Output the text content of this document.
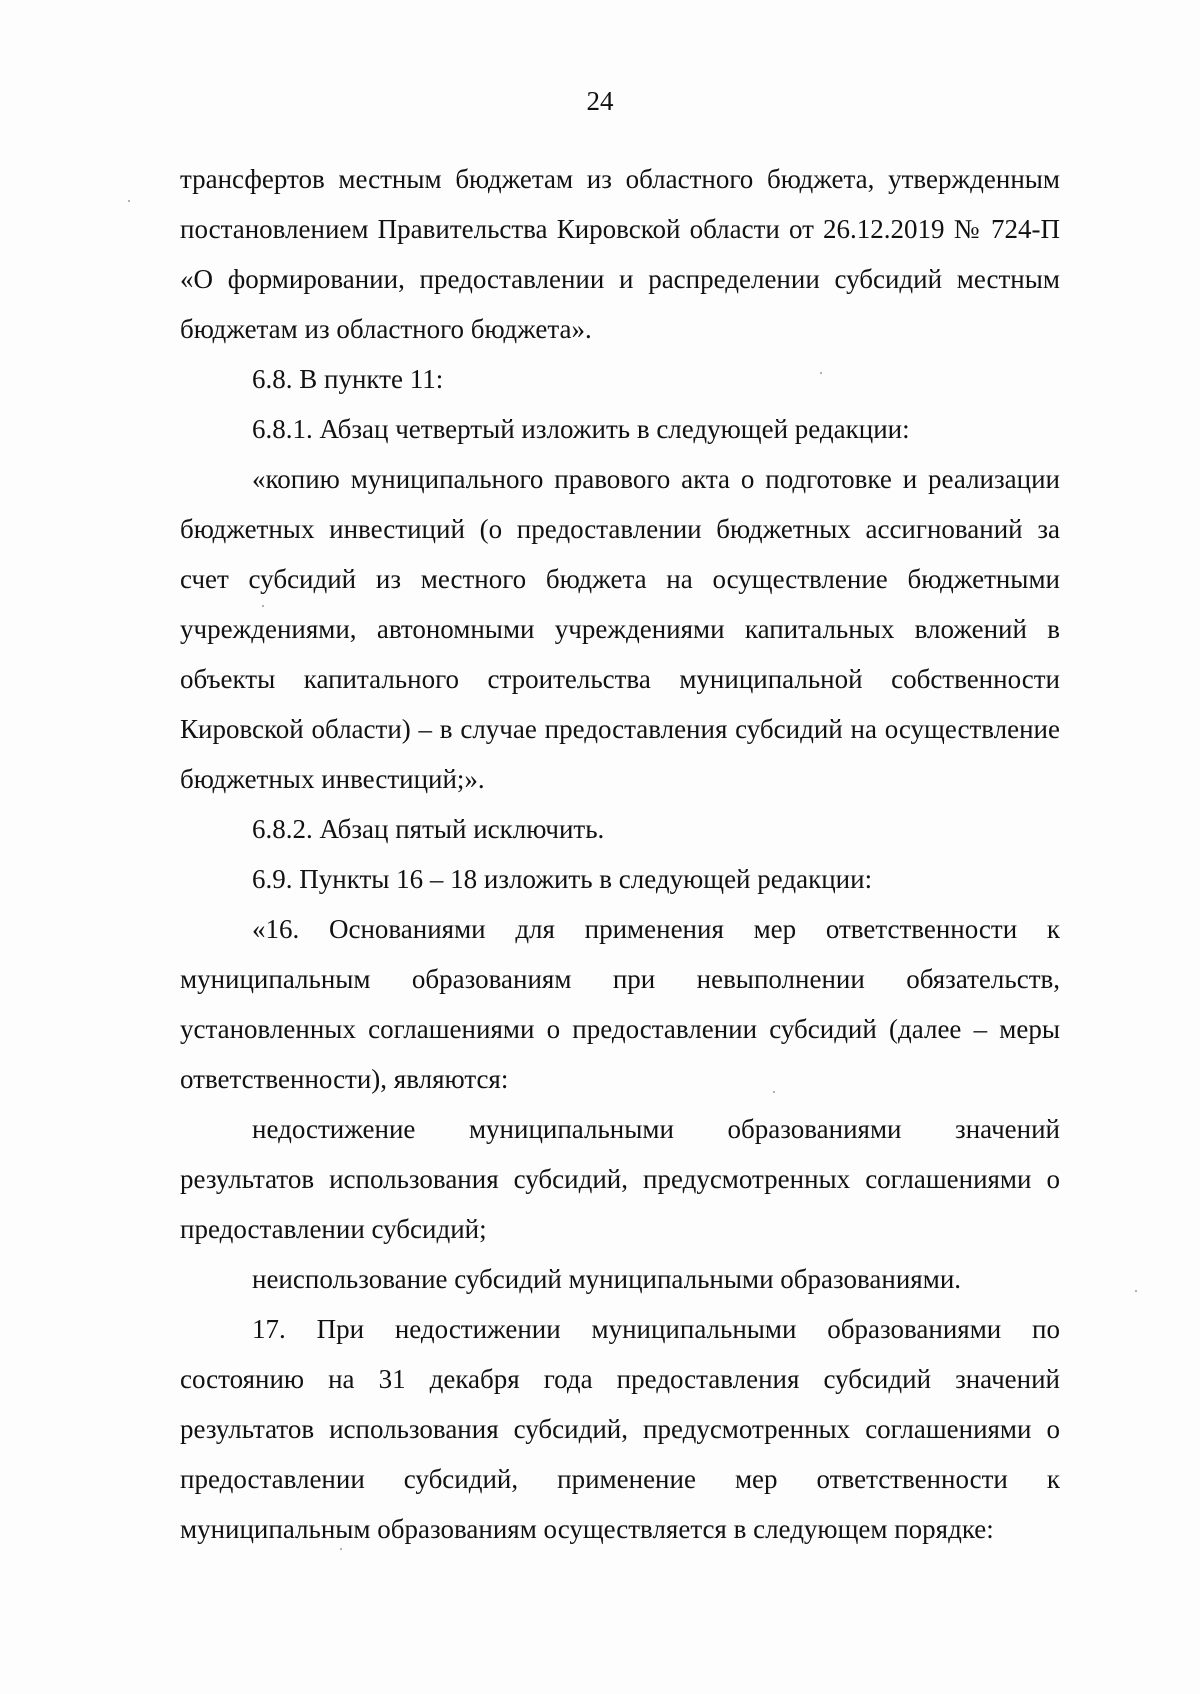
24

трансфертов местным бюджетам из областного бюджета, утвержденным постановлением Правительства Кировской области от 26.12.2019 № 724-П «О формировании, предоставлении и распределении субсидий местным бюджетам из областного бюджета».

6.8. В пункте 11:

6.8.1. Абзац четвертый изложить в следующей редакции:

«копию муниципального правового акта о подготовке и реализации бюджетных инвестиций (о предоставлении бюджетных ассигнований за счет субсидий из местного бюджета на осуществление бюджетными учреждениями, автономными учреждениями капитальных вложений в объекты капитального строительства муниципальной собственности Кировской области) – в случае предоставления субсидий на осуществление бюджетных инвестиций;».

6.8.2. Абзац пятый исключить.

6.9. Пункты 16 – 18 изложить в следующей редакции:

«16. Основаниями для применения мер ответственности к муниципальным образованиям при невыполнении обязательств, установленных соглашениями о предоставлении субсидий (далее – меры ответственности), являются:

недостижение муниципальными образованиями значений результатов использования субсидий, предусмотренных соглашениями о предоставлении субсидий;

неиспользование субсидий муниципальными образованиями.

17. При недостижении муниципальными образованиями по состоянию на 31 декабря года предоставления субсидий значений результатов использования субсидий, предусмотренных соглашениями о предоставлении субсидий, применение мер ответственности к муниципальным образованиям осуществляется в следующем порядке:
